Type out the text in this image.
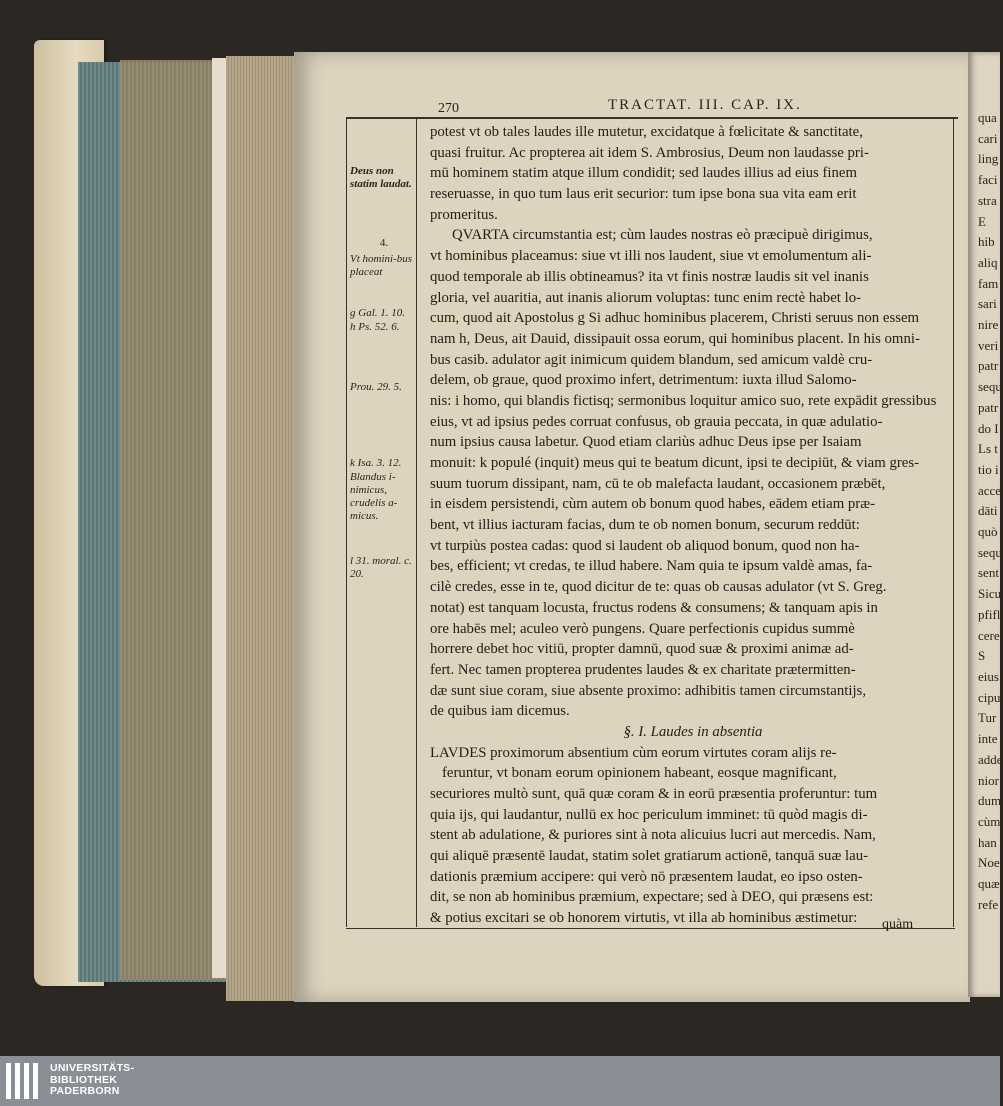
qua
cari
ling
faci
stra
E
hib
aliq
fam
sari
nire
veri
patr
sequ
patr
do I
Ls t
tio i
acce
dāti
quò
sequ
sent
Sicu
pfifl
cere
S
eius
cipu
Tur
inte
adde
nior
dum
cùm
han
Noe
quæ
refe
270	TRACTAT. III. CAP. IX.
Deus non statim laudat.
4.
Vt homini-bus placeat
g Gal. 1. 10.
h Ps. 52. 6.
Prou. 29. 5.
k Isa. 3. 12.
Blandus i-nimicus, crudelis a-micus.
l 31. moral. c. 20.
potest vt ob tales laudes ille mutetur, excidatque à fœlicitate & sanctitate,
quasi fruitur. Ac propterea ait idem S. Ambrosius, Deum non laudasse pri-
mū hominem statim atque illum condidit; sed laudes illius ad eius finem
reseruasse, in quo tum laus erit securior: tum ipse bona sua vita eam erit
promeritus.
QVARTA circumstantia est; cùm laudes nostras eò præcipuè dirigimus,
vt hominibus placeamus: siue vt illi nos laudent, siue vt emolumentum ali-
quod temporale ab illis obtineamus? ita vt finis nostræ laudis sit vel inanis
gloria, vel auaritia, aut inanis aliorum voluptas: tunc enim rectè habet lo-
cum, quod ait Apostolus g Si adhuc hominibus placerem, Christi seruus non essem
nam h, Deus, ait Dauid, dissipauit ossa eorum, qui hominibus placent. In his omni-
bus casib. adulator agit inimicum quidem blandum, sed amicum valdè cru-
delem, ob graue, quod proximo infert, detrimentum: iuxta illud Salomo-
nis: i homo, qui blandis fictisq; sermonibus loquitur amico suo, rete expādit gressibus
eius, vt ad ipsius pedes corruat confusus, ob grauia peccata, in quæ adulatio-
num ipsius causa labetur. Quod etiam clariùs adhuc Deus ipse per Isaiam
monuit: k populé (inquit) meus qui te beatum dicunt, ipsi te decipiūt, & viam gres-
suum tuorum dissipant, nam, cū te ob malefacta laudant, occasionem præbēt,
in eisdem persistendi, cùm autem ob bonum quod habes, eādem etiam præ-
bent, vt illius iacturam facias, dum te ob nomen bonum, securum reddūt:
vt turpiùs postea cadas: quod si laudent ob aliquod bonum, quod non ha-
bes, efficient; vt credas, te illud habere. Nam quia te ipsum valdè amas, fa-
cilè credes, esse in te, quod dicitur de te: quas ob causas adulator (vt S. Greg.
notat) est tanquam locusta, fructus rodens & consumens; & tanquam apis in
ore habēs mel; aculeo verò pungens. Quare perfectionis cupidus summè
horrere debet hoc vitiū, propter damnū, quod suæ & proximi animæ ad-
fert. Nec tamen propterea prudentes laudes & ex charitate prætermitten-
dæ sunt siue coram, siue absente proximo: adhibitis tamen circumstantijs,
de quibus iam dicemus.
§. I. Laudes in absentia
LAVDES proximorum absentium cùm eorum virtutes coram alijs re-
feruntur, vt bonam eorum opinionem habeant, eosque magnificant,
securiores multò sunt, quā quæ coram & in eorū præsentia proferuntur: tum
quia ijs, qui laudantur, nullū ex hoc periculum imminet: tū quòd magis di-
stent ab adulatione, & puriores sint à nota alicuius lucri aut mercedis. Nam,
qui aliquē præsentē laudat, statim solet gratiarum actionē, tanquā suæ lau-
dationis præmium accipere: qui verò nō præsentem laudat, eo ipso osten-
dit, se non ab hominibus præmium, expectare; sed à DEO, qui præsens est:
& potius excitari se ob honorem virtutis, vt illa ab hominibus æstimetur:	quàm
UNIVERSITÄTS-
BIBLIOTHEK
PADERBORN
